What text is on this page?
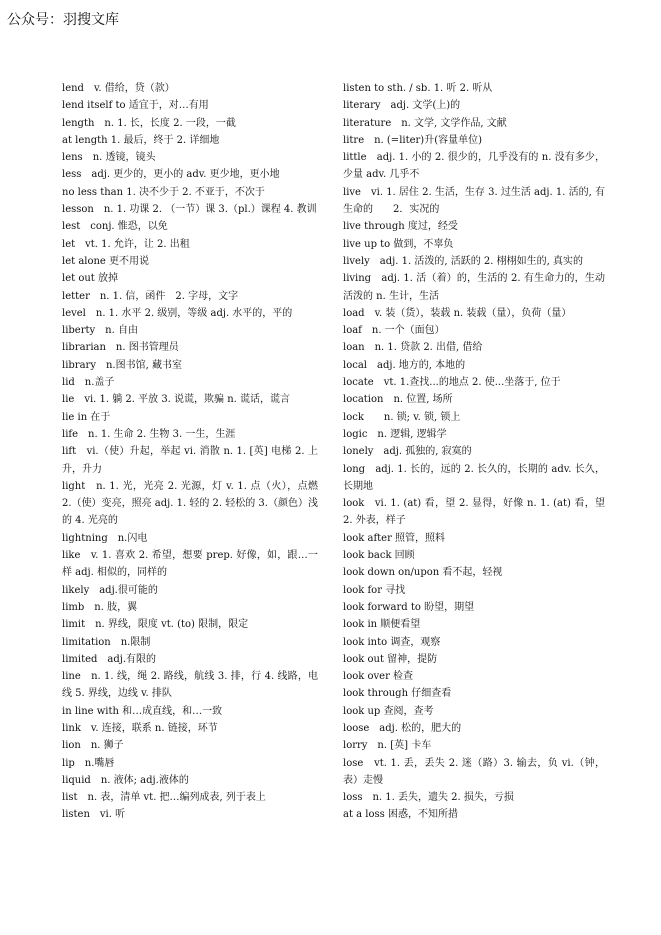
公众号：羽搜文库

lend　v. 借给，贷（款）

lend itself to 适宜于，对…有用

length　n. 1. 长，长度 2. 一段，一截

at length 1. 最后，终于 2. 详细地

lens　n. 透镜，镜头

less　adj. 更少的，更小的 adv. 更少地，更小地

no less than 1. 决不少于 2. 不亚于，不次于

lesson　n. 1. 功课 2. （一节）课 3.（pl.）课程 4. 教训

lest　conj. 惟恐，以免

let　vt. 1. 允许，让 2. 出租

let alone 更不用说

let out 放掉

letter　n. 1. 信，函件　2. 字母，文字

level　n. 1. 水平 2. 级别，等级 adj. 水平的，平的

liberty　n. 自由

librarian　n. 图书管理员

library　n.图书馆, 藏书室

lid　n.盖子

lie　vi. 1. 躺 2. 平放 3. 说谎，欺骗 n. 谎话，谎言

lie in 在于

life　n. 1. 生命 2. 生物 3. 一生，生涯

lift　vi.（使）升起，举起 vi. 消散 n. 1. [英] 电梯 2. 上升，升力

light　n. 1. 光，光亮 2. 光源，灯 v. 1. 点（火），点燃 2.（使）变亮，照亮 adj. 1. 轻的 2. 轻松的 3.（颜色）浅的 4. 光亮的

lightning　n.闪电

like　v. 1. 喜欢 2. 希望，想要 prep. 好像，如，跟…一样 adj. 相似的，同样的

likely　adj.很可能的

limb　n. 肢，翼

limit　n. 界线，限度 vt. (to) 限制，限定

limitation　n.限制

limited　adj.有限的

line　n. 1. 线，绳 2. 路线，航线 3. 排，行 4. 线路，电线 5. 界线，边线 v. 排队

in line with 和…成直线，和…一致

link　v. 连接，联系 n. 链接，环节

lion　n. 狮子

lip　n.嘴唇

liquid　n. 液体; adj.液体的

list　n. 表，清单 vt. 把…编列成表, 列于表上

listen　vi. 听

listen to sth. / sb. 1. 听 2. 听从

literary　adj. 文学(上)的

literature　n. 文学, 文学作品, 文献

litre　n. (=liter)升(容量单位)

little　adj. 1. 小的 2. 很少的，几乎没有的 n. 没有多少，少量 adv. 几乎不

live　vi. 1. 居住 2. 生活，生存 3. 过生活 adj. 1. 活的, 有生命的　　2．实况的

live through 度过，经受

live up to 做到，不辜负

lively　adj. 1. 活泼的, 活跃的 2. 栩栩如生的, 真实的

living　adj. 1. 活（着）的，生活的 2. 有生命力的，生动活泼的 n. 生计，生活

load　v. 装（货），装载 n. 装载（量），负荷（量）

loaf　n. 一个（面包）

loan　n. 1. 贷款 2. 出借, 借给

local　adj. 地方的, 本地的

locate　vt. 1.查找...的地点 2. 使...坐落于, 位于

location　n. 位置, 场所

lock　　n. 锁; v. 锁, 锁上

logic　n. 逻辑, 逻辑学

lonely　adj. 孤独的, 寂寞的

long　adj. 1. 长的，远的 2. 长久的，长期的 adv. 长久，长期地

look　vi. 1. (at) 看，望 2. 显得，好像 n. 1. (at) 看，望 2. 外表，样子

look after 照管，照料

look back 回顾

look down on/upon 看不起，轻视

look for 寻找

look forward to 盼望，期望

look in 顺便看望

look into 调查，观察

look out 留神，提防

look over 检查

look through 仔细查看

look up 查阅，查考

loose　adj. 松的，肥大的

lorry　n. [英] 卡车

lose　vt. 1. 丢，丢失 2. 迷（路）3. 输去，负 vi.（钟，表）走慢

loss　n. 1. 丢失，遗失 2. 损失，亏损

at a loss 困惑，不知所措
